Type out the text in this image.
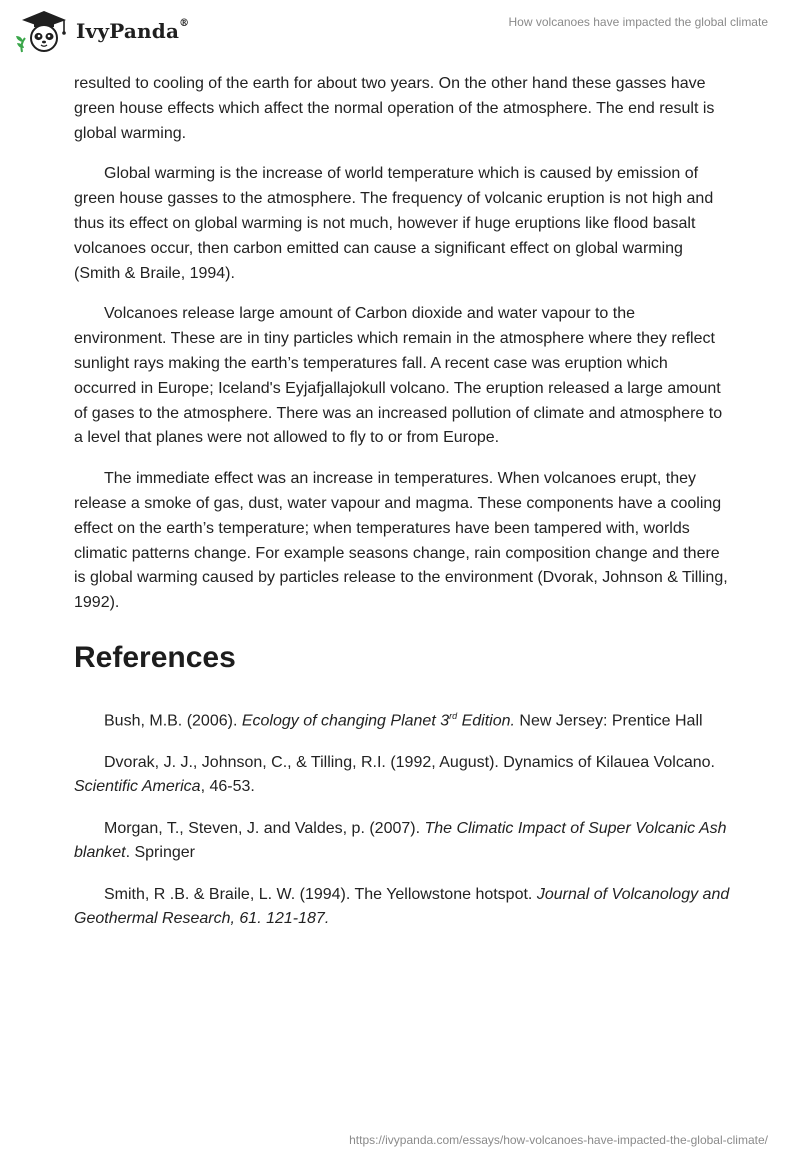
IvyPanda®	How volcanoes have impacted the global climate

resulted to cooling of the earth for about two years. On the other hand these gasses have green house effects which affect the normal operation of the atmosphere. The end result is global warming.

Global warming is the increase of world temperature which is caused by emission of green house gasses to the atmosphere. The frequency of volcanic eruption is not high and thus its effect on global warming is not much, however if huge eruptions like flood basalt volcanoes occur, then carbon emitted can cause a significant effect on global warming (Smith & Braile, 1994).

Volcanoes release large amount of Carbon dioxide and water vapour to the environment. These are in tiny particles which remain in the atmosphere where they reflect sunlight rays making the earth’s temperatures fall. A recent case was eruption which occurred in Europe; Iceland's Eyjafjallajokull volcano. The eruption released a large amount of gases to the atmosphere. There was an increased pollution of climate and atmosphere to a level that planes were not allowed to fly to or from Europe.

The immediate effect was an increase in temperatures. When volcanoes erupt, they release a smoke of gas, dust, water vapour and magma. These components have a cooling effect on the earth’s temperature; when temperatures have been tampered with, worlds climatic patterns change. For example seasons change, rain composition change and there is global warming caused by particles release to the environment (Dvorak, Johnson & Tilling, 1992).

References

Bush, M.B. (2006). Ecology of changing Planet 3rd Edition. New Jersey: Prentice Hall

Dvorak, J. J., Johnson, C., & Tilling, R.I. (1992, August). Dynamics of Kilauea Volcano. Scientific America, 46-53.

Morgan, T., Steven, J. and Valdes, p. (2007). The Climatic Impact of Super Volcanic Ash blanket. Springer

Smith, R .B. & Braile, L. W. (1994). The Yellowstone hotspot. Journal of Volcanology and Geothermal Research, 61. 121-187.

https://ivypanda.com/essays/how-volcanoes-have-impacted-the-global-climate/
